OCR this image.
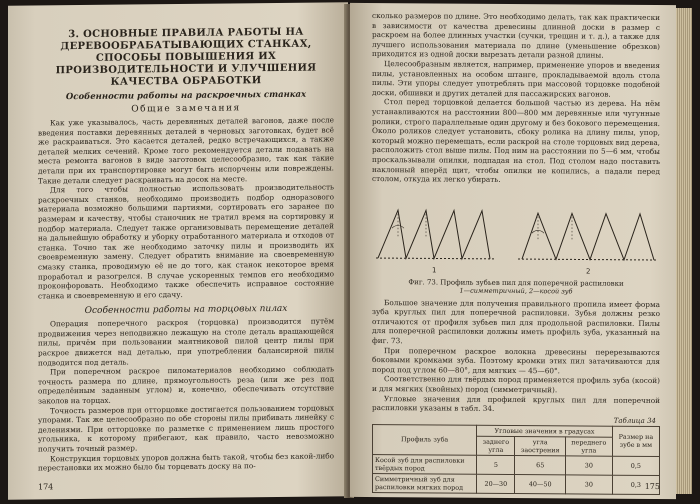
3. ОСНОВНЫЕ ПРАВИЛА РАБОТЫ НА ДЕРЕВООБРАБАТЫВАЮЩИХ СТАНКАХ, СПОСОБЫ ПОВЫШЕНИЯ ИХ ПРОИЗВОДИТЕЛЬНОСТИ И УЛУЧШЕНИЯ КАЧЕСТВА ОБРАБОТКИ
Особенности работы на раскроечных станках
Общие замечания

Как уже указывалось, часть деревянных деталей вагонов, даже после введения поставки деревянных деталей в черновых заготовках, будет всё же раскраиваться. Это касается деталей, редко встречающихся, а также деталей мелких сечений. Кроме того рекомендуется детали подавать на места ремонта вагонов в виде заготовок целесообразно, так как такие детали при их транспортировке могут быть испорчены или повреждены. Такие детали следует раскраивать на досок на месте.

Для того чтобы полностью использовать производительность раскроечных станков, необходимо производить подбор одноразового материала возможно большими партиями, сортировать его заранее по размерам и качеству, чтобы станочник не тратил время на сортировку и подбор материала. Следует также организовывать перемещение деталей на дальнейшую обработку и уборку отработанного материала и отходов от станка. Точно так же необходимо заточку пилы и производить их своевременную замену. Следует обратить внимание на своевременную смазку станка, проводимую её не до того, как станок некоторое время проработал и разогрелся. В случае ускоренных темпов его необходимо проконфоровать. Необходимо также обеспечить исправное состояние станка и своевременную и его сдачу.

Особенности работы на торцовых пилах

Операция поперечного раскроя (торцовка) производится путём продвижения через неподвижно лежащую на столе деталь вращающейся пилы, причём при пользовании маятниковой пилой центр пилы при раскрое движется над деталью, при употреблении балансирной пилы подводится под деталь.

При поперечном раскрое пиломатериалов необходимо соблюдать точность размера по длине, прямоугольность реза (или же рез под определённым заданным углом) и, конечно, обеспечивать отсутствие заколов на торцах.

Точность размеров при отторцовке достигается пользованием торцовых упорами. Так же целесообразно по обе стороны пилы прибивать линейку с делениями. При отторцовке по разметке с применением лишь простого угольника, к которому прибегают, как правило, часто невозможно получить точный размер.

Конструкция торцовых упоров должна быть такой, чтобы без какой-либо перестановки их можно было бы торцевать доску на по-

174

сколько размеров по длине. Это необходимо делать, так как практически в зависимости от качества древесины длинной доски в размер с раскроем на более длинных участки (сучки, трещин и т. д.), а также для лучшего использования материала по длине (уменьшение обрезков) приходится из одной доски вырезать детали разной длины.

Целесообразным является, например, применение упоров и введения пилы, установленных на особом штанге, прокладываемой вдоль стола пилы. Эти упоры следует употреблять при массовой торцовке подобной доски, обшивки и других деталей для пассажирских вагонов.

Стол перед торцовкой делается большой частью из дерева. На нём устанавливаются на расстоянии 800—800 мм деревянные или чугунные ролики, строго параллельные один другому и без бокового перемещения. Около роликов следует установить, сбоку ролика на длину пилы, упор, который можно перемещать, если раскрой на столе торцовых вид дерева, расположить стол выше пилы. Под ним на расстоянии по 5—6 мм, чтобы проскальзывали опилки, подпадая на стол. Под столом надо поставить наклонный вперёд щит, чтобы опилки не копились, а падали перед столом, откуда их легко убирать.

1	2
Фиг. 73. Профиль зубьев пил для поперечной распиловки
1—симметричный, 2—косой зуб

Большое значение для получения правильного пропила имеет форма зуба круглых пил для поперечной распиловки. Зубья должны резко отличаются от профиля зубьев пил для продольной распиловки. Пилы для поперечной распиловки должны иметь профиль зуба, указанный на фиг. 73.

При поперечном раскрое волокна древесины перерезываются боковыми кромками зуба. Поэтому кромки этих пил затачиваются для пород под углом 60—80°, для мягких — 45—60°.

Соответственно для твёрдых пород применяется профиль зуба (косой) и для мягких (хвойных) пород (симметричный).

Угловые значения для профилей круглых пил для поперечной распиловки указаны в табл. 34.

Таблица 34
Профиль зуба	Угловые значения в градусах			Размер на зубе в мм
	заднего угла	угла заострения	переднего угла	
Косой зуб для распиловки твёрдых пород	5	65	30	0,5
Симметричный зуб для распиловки мягких пород	20—30	40—50	30	0,3 175
